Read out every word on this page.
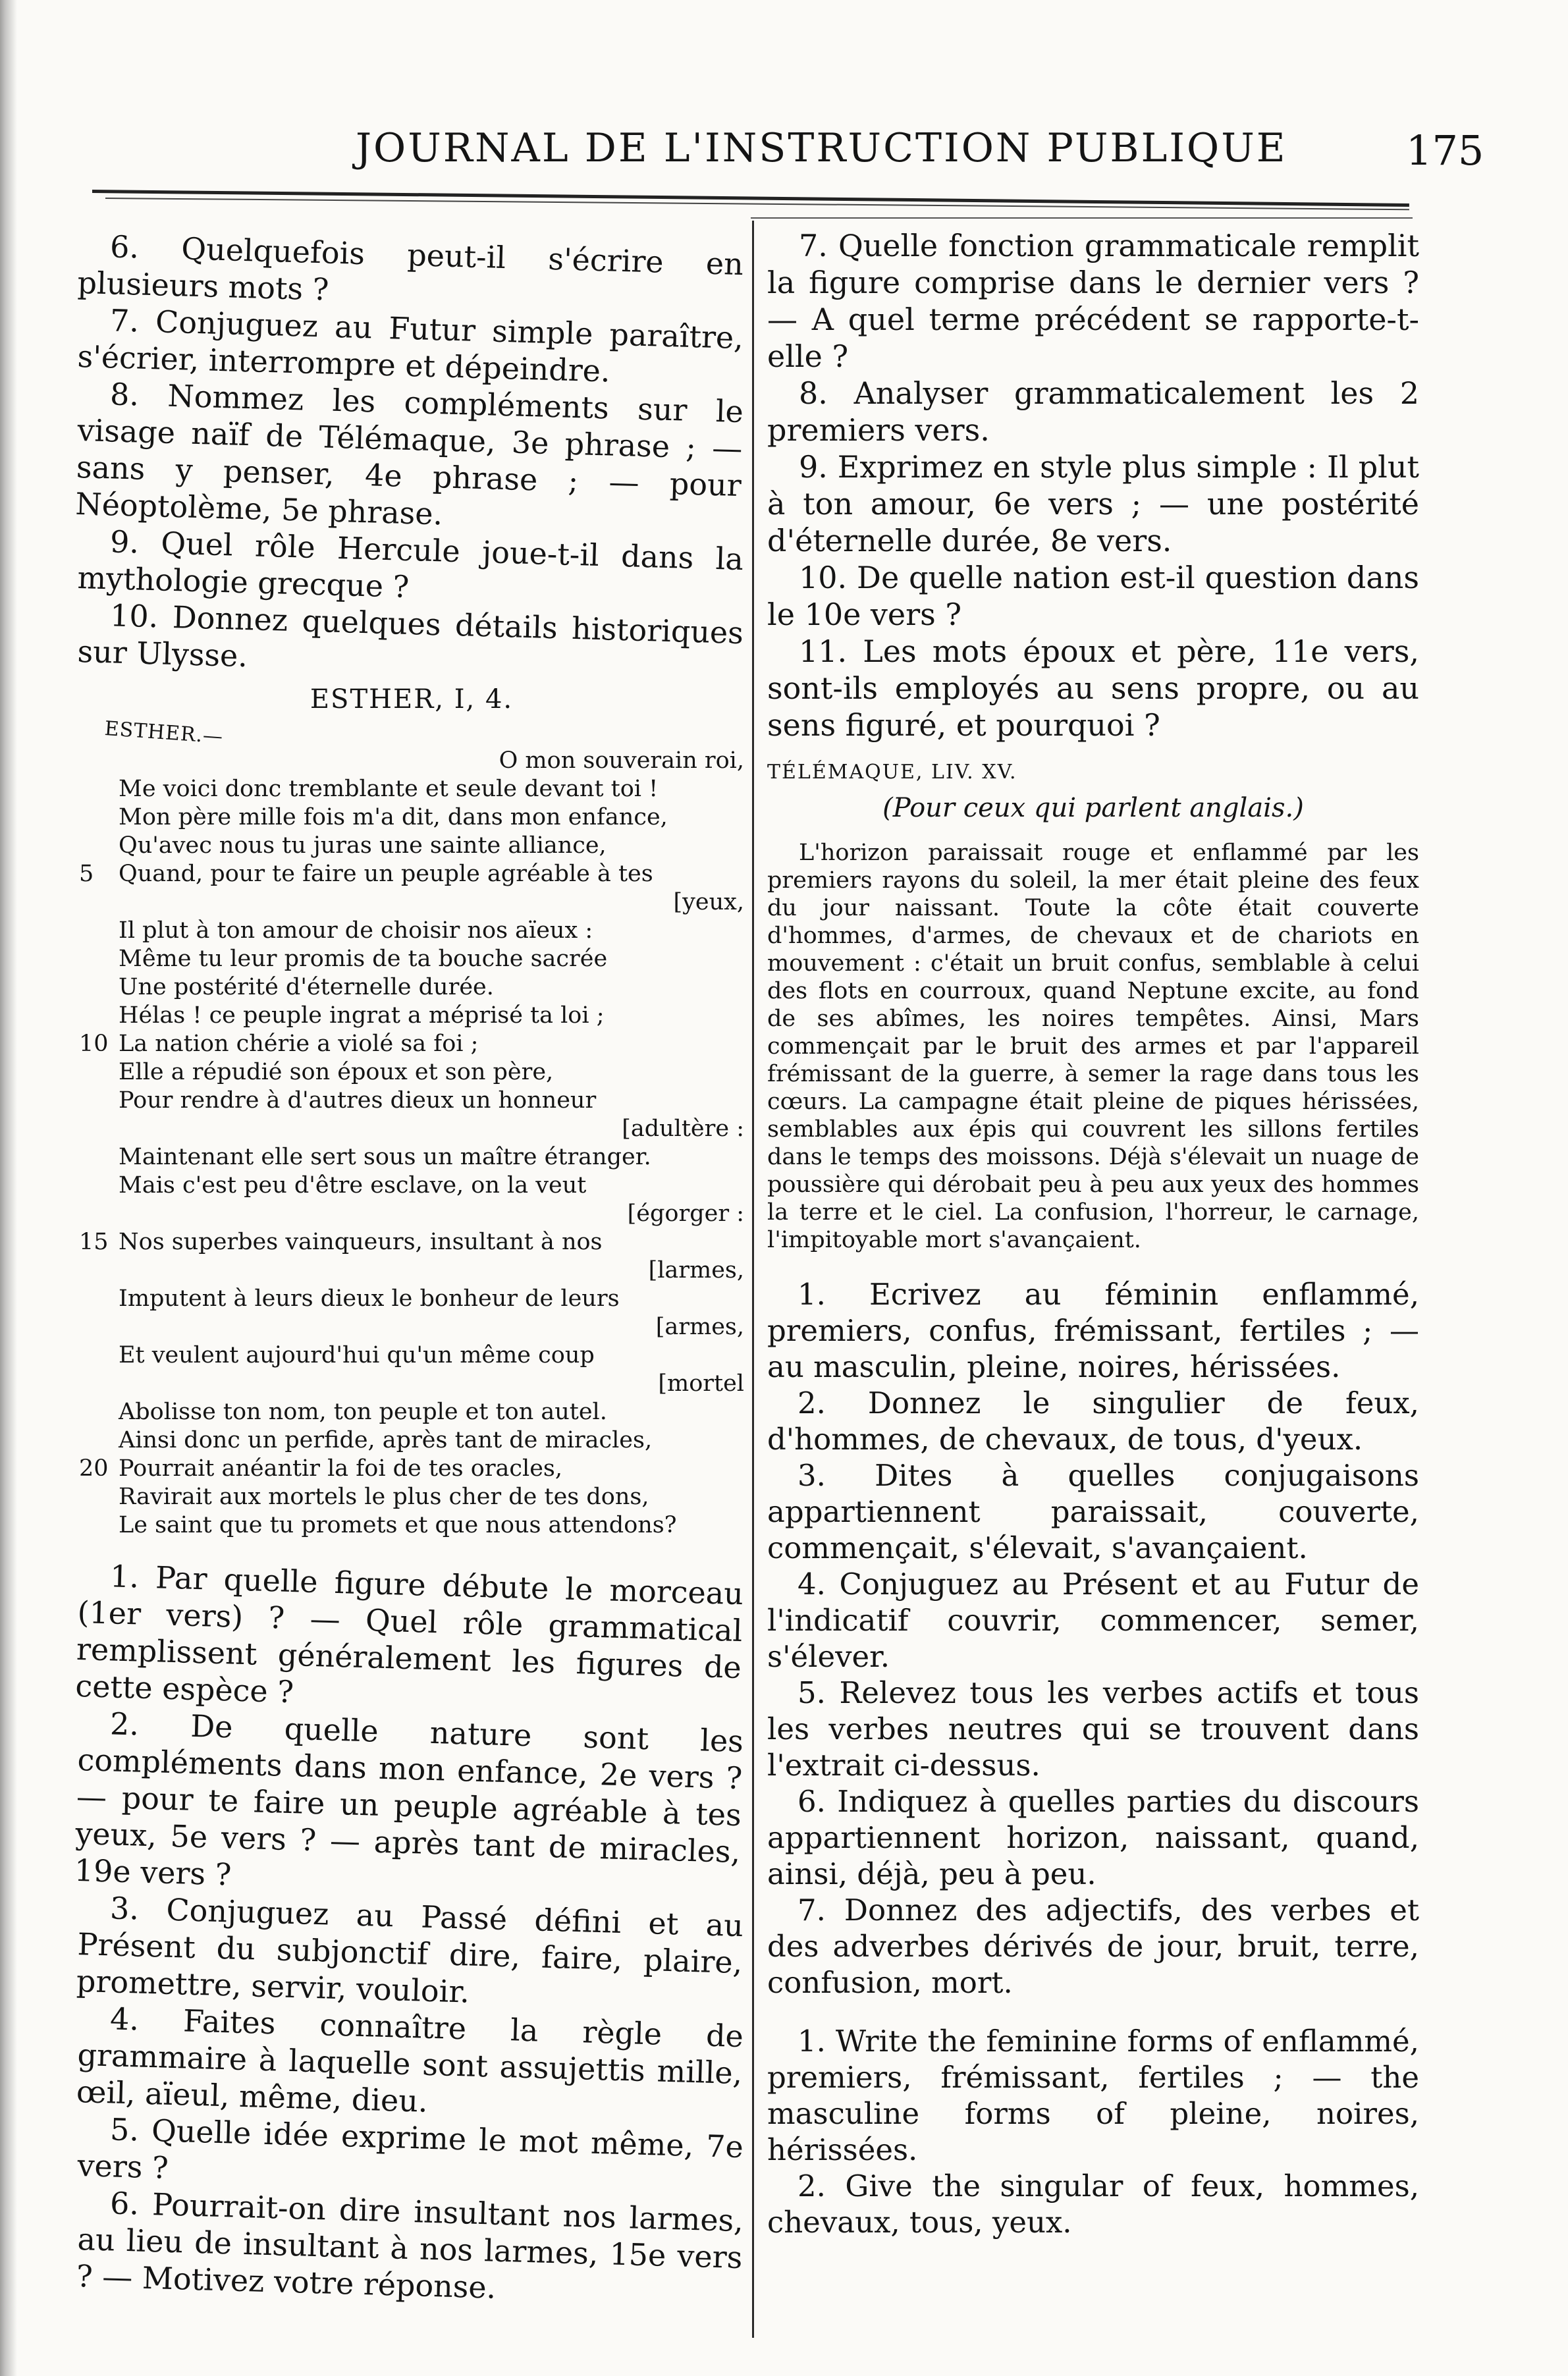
JOURNAL DE L'INSTRUCTION PUBLIQUE	175

6. Quelquefois peut-il s'écrire en plusieurs mots ?

7. Conjuguez au Futur simple paraître, s'écrier, interrompre et dépeindre.

8. Nommez les compléments sur le visage naïf de Télémaque, 3e phrase ; — sans y penser, 4e phrase ; — pour Néoptolème, 5e phrase.

9. Quel rôle Hercule joue-t-il dans la mythologie grecque ?

10. Donnez quelques détails historiques sur Ulysse.

ESTHER, I, 4.
ESTHER.—
O mon souverain roi,
Me voici donc tremblante et seule devant toi !
Mon père mille fois m'a dit, dans mon enfance,
Qu'avec nous tu juras une sainte alliance,
5 Quand, pour te faire un peuple agréable à tes
[yeux,
Il plut à ton amour de choisir nos aïeux :
Même tu leur promis de ta bouche sacrée
Une postérité d'éternelle durée.
Hélas ! ce peuple ingrat a méprisé ta loi ;
10 La nation chérie a violé sa foi ;
Elle a répudié son époux et son père,
Pour rendre à d'autres dieux un honneur
[adultère :
Maintenant elle sert sous un maître étranger.
Mais c'est peu d'être esclave, on la veut
[égorger :
15 Nos superbes vainqueurs, insultant à nos
[larmes,
Imputent à leurs dieux le bonheur de leurs
[armes,
Et veulent aujourd'hui qu'un même coup
[mortel
Abolisse ton nom, ton peuple et ton autel.
Ainsi donc un perfide, après tant de miracles,
20 Pourrait anéantir la foi de tes oracles,
Ravirait aux mortels le plus cher de tes dons,
Le saint que tu promets et que nous attendons?

1. Par quelle figure débute le morceau (1er vers) ? — Quel rôle grammatical remplissent généralement les figures de cette espèce ?

2. De quelle nature sont les compléments dans mon enfance, 2e vers ? — pour te faire un peuple agréable à tes yeux, 5e vers ? — après tant de miracles, 19e vers ?

3. Conjuguez au Passé défini et au Présent du subjonctif dire, faire, plaire, promettre, servir, vouloir.

4. Faites connaître la règle de grammaire à laquelle sont assujettis mille, œil, aïeul, même, dieu.

5. Quelle idée exprime le mot même, 7e vers ?

6. Pourrait-on dire insultant nos larmes, au lieu de insultant à nos larmes, 15e vers ? — Motivez votre réponse.

7. Quelle fonction grammaticale remplit la figure comprise dans le dernier vers ? — A quel terme précédent se rapporte-t-elle ?

8. Analyser grammaticalement les 2 premiers vers.

9. Exprimez en style plus simple : Il plut à ton amour, 6e vers ; — une postérité d'éternelle durée, 8e vers.

10. De quelle nation est-il question dans le 10e vers ?

11. Les mots époux et père, 11e vers, sont-ils employés au sens propre, ou au sens figuré, et pourquoi ?

TÉLÉMAQUE, LIV. XV.
(Pour ceux qui parlent anglais.)

L'horizon paraissait rouge et enflammé par les premiers rayons du soleil, la mer était pleine des feux du jour naissant. Toute la côte était couverte d'hommes, d'armes, de chevaux et de chariots en mouvement : c'était un bruit confus, semblable à celui des flots en courroux, quand Neptune excite, au fond de ses abîmes, les noires tempêtes. Ainsi, Mars commençait par le bruit des armes et par l'appareil frémissant de la guerre, à semer la rage dans tous les cœurs. La campagne était pleine de piques hérissées, semblables aux épis qui couvrent les sillons fertiles dans le temps des moissons. Déjà s'élevait un nuage de poussière qui dérobait peu à peu aux yeux des hommes la terre et le ciel. La confusion, l'horreur, le carnage, l'impitoyable mort s'avançaient.

1. Ecrivez au féminin enflammé, premiers, confus, frémissant, fertiles ; — au masculin, pleine, noires, hérissées.

2. Donnez le singulier de feux, d'hommes, de chevaux, de tous, d'yeux.

3. Dites à quelles conjugaisons appartiennent paraissait, couverte, commençait, s'élevait, s'avançaient.

4. Conjuguez au Présent et au Futur de l'indicatif couvrir, commencer, semer, s'élever.

5. Relevez tous les verbes actifs et tous les verbes neutres qui se trouvent dans l'extrait ci-dessus.

6. Indiquez à quelles parties du discours appartiennent horizon, naissant, quand, ainsi, déjà, peu à peu.

7. Donnez des adjectifs, des verbes et des adverbes dérivés de jour, bruit, terre, confusion, mort.

1. Write the feminine forms of enflammé, premiers, frémissant, fertiles ; — the masculine forms of pleine, noires, hérissées.

2. Give the singular of feux, hommes, chevaux, tous, yeux.
